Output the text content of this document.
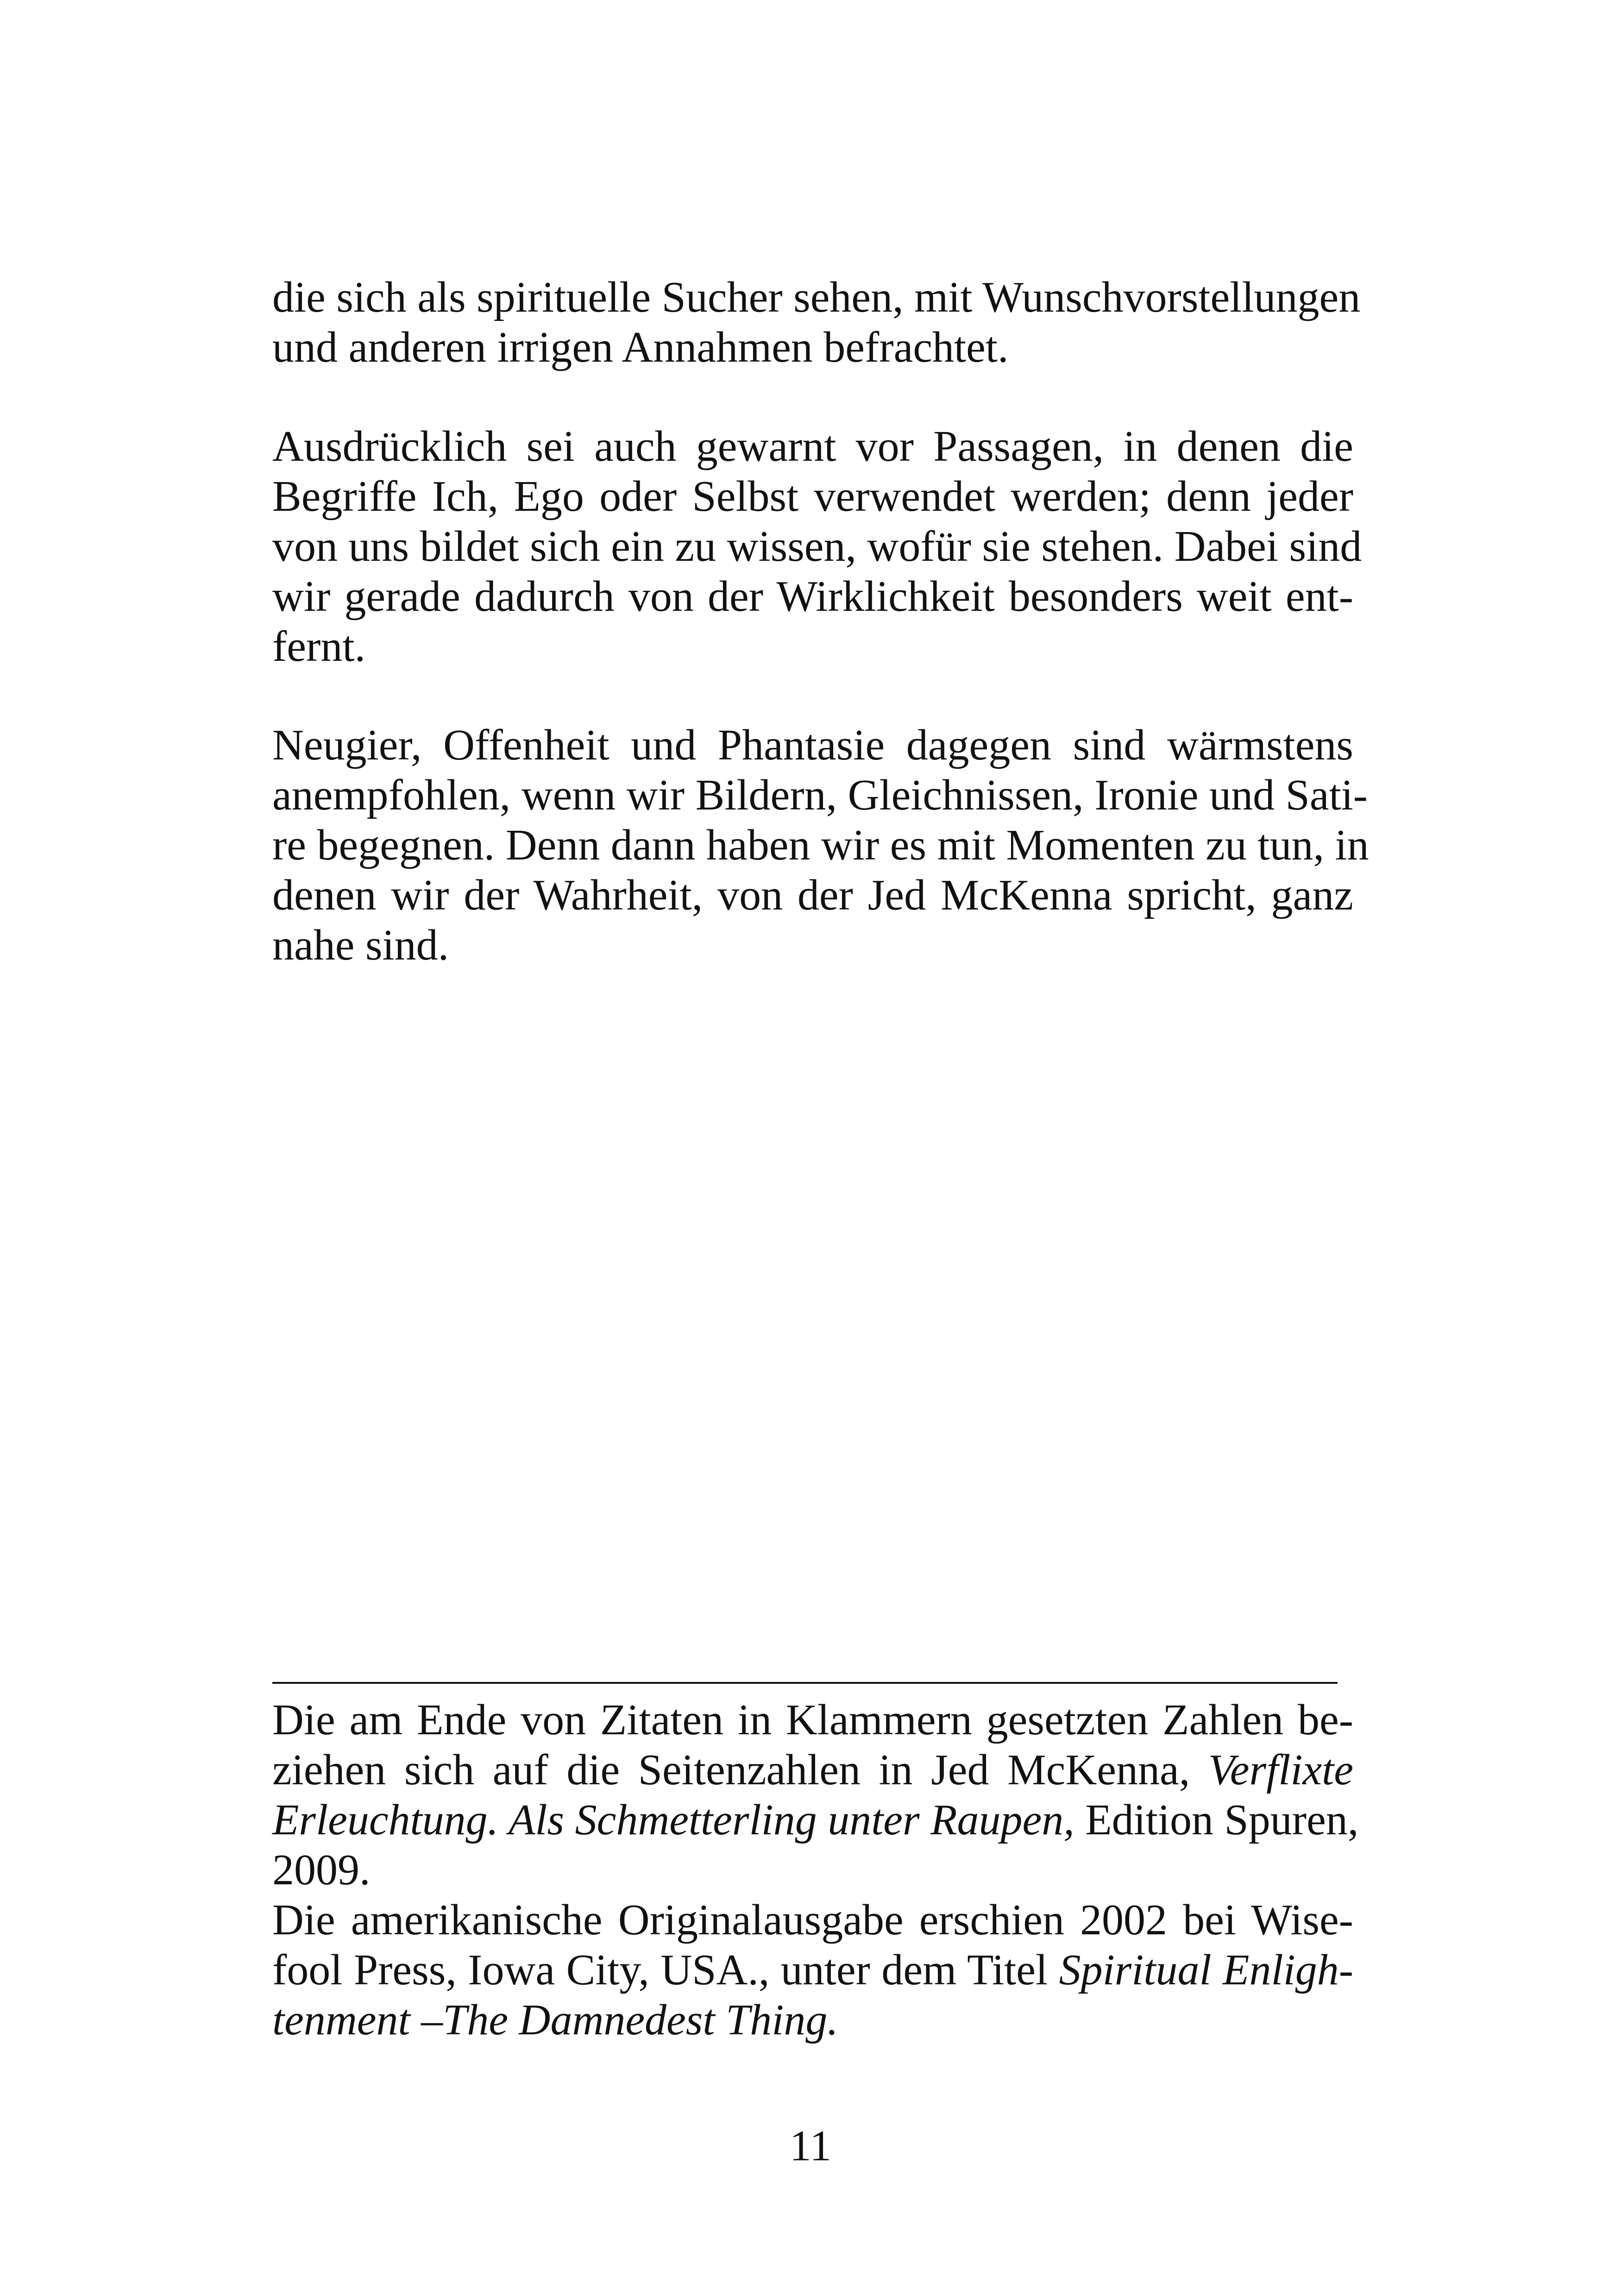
die sich als spirituelle Sucher sehen, mit Wunschvorstellungen
und anderen irrigen Annahmen befrachtet.
Ausdrücklich sei auch gewarnt vor Passagen, in denen die
Begriffe Ich, Ego oder Selbst verwendet werden; denn jeder
von uns bildet sich ein zu wissen, wofür sie stehen. Dabei sind
wir gerade dadurch von der Wirklichkeit besonders weit ent-
fernt.
Neugier, Offenheit und Phantasie dagegen sind wärmstens
anempfohlen, wenn wir Bildern, Gleichnissen, Ironie und Sati-
re begegnen. Denn dann haben wir es mit Momenten zu tun, in
denen wir der Wahrheit, von der Jed McKenna spricht, ganz
nahe sind.
Die am Ende von Zitaten in Klammern gesetzten Zahlen be-
ziehen sich auf die Seitenzahlen in Jed McKenna, Verflixte
Erleuchtung. Als Schmetterling unter Raupen, Edition Spuren,
2009.
Die amerikanische Originalausgabe erschien 2002 bei Wise-
fool Press, Iowa City, USA., unter dem Titel Spiritual Enligh-
tenment –The Damnedest Thing.
11
